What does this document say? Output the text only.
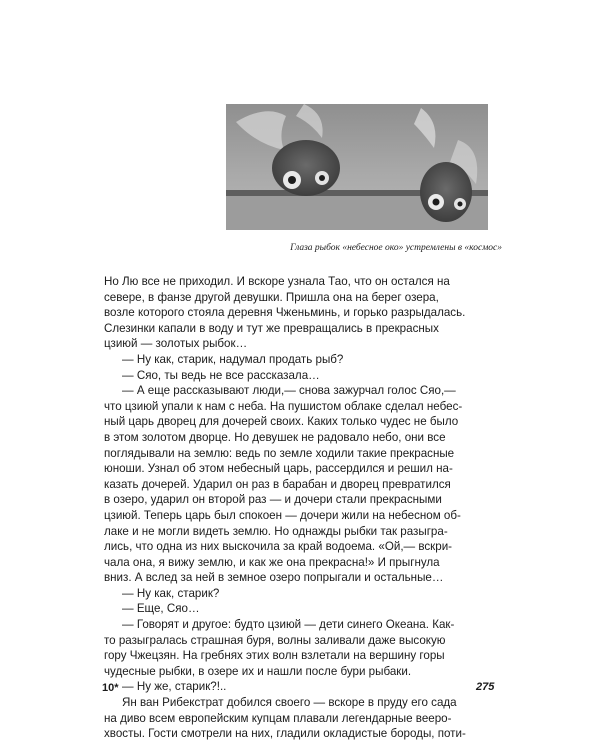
Глаза рыбок «небесное око» устремлены в «космос»
Но Лю все не приходил. И вскоре узнала Тао, что он остался на
севере, в фанзе другой девушки. Пришла она на берег озера,
возле которого стояла деревня Чженьминь, и горько разрыдалась.
Слезинки капали в воду и тут же превращались в прекрасных
цзиюй — золотых рыбок…
— Ну как, старик, надумал продать рыб?
— Сяо, ты ведь не все рассказала…
— А еще рассказывают люди,— снова зажурчал голос Сяо,—
что цзиюй упали к нам с неба. На пушистом облаке сделал небес-
ный царь дворец для дочерей своих. Каких только чудес не было
в этом золотом дворце. Но девушек не радовало небо, они все
поглядывали на землю: ведь по земле ходили такие прекрасные
юноши. Узнал об этом небесный царь, рассердился и решил на-
казать дочерей. Ударил он раз в барабан и дворец превратился
в озеро, ударил он второй раз — и дочери стали прекрасными
цзиюй. Теперь царь был спокоен — дочери жили на небесном об-
лаке и не могли видеть землю. Но однажды рыбки так разыгра-
лись, что одна из них выскочила за край водоема. «Ой,— вскри-
чала она, я вижу землю, и как же она прекрасна!» И прыгнула
вниз. А вслед за ней в земное озеро попрыгали и остальные…
— Ну как, старик?
— Еще, Сяо…
— Говорят и другое: будто цзиюй — дети синего Океана. Как-
то разыгралась страшная буря, волны заливали даже высокую
гору Чжецзян. На гребнях этих волн взлетали на вершину горы
чудесные рыбки, в озере их и нашли после бури рыбаки.
— Ну же, старик?!..
Ян ван Рибекстрат добился своего — вскоре в пруду его сада
на диво всем европейским купцам плавали легендарные вееро-
хвосты. Гости смотрели на них, гладили окладистые бороды, поти-
10*	275
